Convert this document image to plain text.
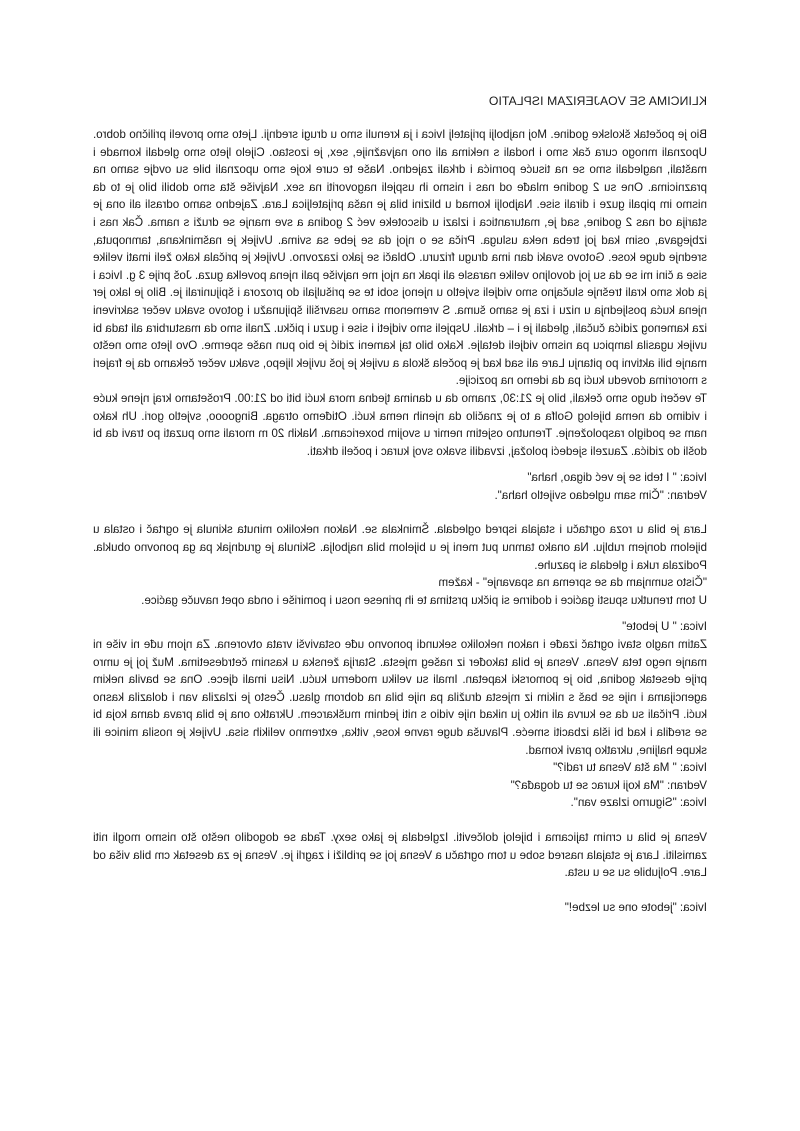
KLINCIMA SE VOAJERIZAM ISPLATIO

Bio je početak školske godine. Moj najbolji prijatelj Ivica i ja krenuli smo u drugi srednji. Ljeto smo proveli prilično dobro. Upoznali mnogo cura čak smo i hodali s nekima ali ono najvažnije, sex, je izostao. Cijelo ljeto smo gledali komade i maštali, nagledali smo se na tisuće pornića i drkali zajedno. Naše te cure koje smo upoznali bile su ovdje samo na praznicima. One su 2 godine mlađe od nas i nismo ih uspjeli nagovoriti na sex. Najviše šta smo dobili bilo je to da nismo im pipali guze i dirali sise. Najbolji komad u blizini bila je naša prijateljica Lara. Zajedno samo odrasli ali ona je starija od nas 2 godine, sad je, maturantica i izlazi u discoteke već 2 godina a sve manje se druži s nama. Čak nas i izbjegava, osim kad joj treba neka usluga. Priča se o njoj da se jebe sa svima. Uvijek je našminkana, tamnoputa, srednje duge kose. Gotovo svaki dan ima drugu frizuru. Oblači se jako izazovno. Uvijek je pričala kako želi imati velike sise a čini mi se da su joj dovoljno velike narasle ali ipak na njoj me najviše pali njena povelka guza. Još prije 3 g. Ivica i ja dok smo krali trešnje slučajno smo vidjeli svjetlo u njenoj sobi te se prišuljali do prozora i špijunirali je. Bilo je lako jer njena kuća posljednja u nizu i iza je samo šuma. S vremenom samo usavršili špijunažu i gotovo svaku večer sakriveni iza kamenog zidića čučali, gledali je i – drkali. Uspjeli smo vidjeti i sise i guzu i pičku. Znali smo da masturbira ali tada bi uvijek ugasila lampicu pa nismo vidjeli detalje. Kako bilo taj kameni zidić je bio pun naše sperme. Ovo ljeto smo nešto manje bili aktivni po pitanju Lare ali sad kad je počela škola a uvijek je još uvijek lijepo, svaku večer čekamo da je frajeri s mororima dovedu kući pa da idemo na pozicije.

Te večeri dugo smo čekali, bilo je 21:30, znamo da u danima tjedna mora kući biti od 21:00. Prošetamo kraj njene kuće i vidimo da nema bijelog Golfa a to je značilo da njenih nema kući. Otiđemo otraga. Bingoooo, svjetlo gori. Uh kako nam se podiglo raspoloženje. Trenutno osjetim nemir u svojim boxericama. Nakih 20 m morali smo puzati po travi da bi došli do zidića. Zauzeli sjedeći položaj, izvadili svako svoj kurac i počeli drkati.

Ivica: " I tebi se je već digao, haha"
Vedran: "Čim sam ugledao svijetlo haha".

Lara je bila u roza ogrtaču i stajala ispred ogledala. Šminkala se. Nakon nekoliko minuta skinula je ogrtač i ostala u bijelom donjem rublju. Na onako tamnu put meni je u bijelom bila najbolja. Skinula je grudnjak pa ga ponovno obukla. Podizala ruka i gledala si pazuhe.

"Čisto sumnjam da se sprema na spavanje" - kažem

U tom trenutku spusti gaćice i dodirne si pičku prstima te ih prinese nosu i pomiriše i onda opet navuče gaćice.

Ivica: " U jebote"

Zatim naglo stavi ogrtač izađe i nakon nekoliko sekundi ponovno uđe ostavivši vrata otvorena. Za njom uđe ni više ni manje nego teta Vesna. Vesna je bila također iz našeg mjesta. Starija ženska u kasnim četrdesetima. Muž joj je umro prije desetak godina, bio je pomorski kapetan. Imali su veliku modernu kuću. Nisu imali djece. Ona se bavila nekim agencijama i nije se baš s nikim iz mjesta družila pa nije bila na dobrom glasu. Često je izlazila van i dolazila kasno kući. Pričali su da se kurva ali nitko ju nikad nije vidio s niti jednim muškarcem. Ukratko ona je bila prava dama koja bi se sređila i kad bi išla izbaciti smeće. Plavuša duge ravne kose, vitka, extremno velikih sisa. Uvijek je nosila minice ili skupe haljine, ukratko pravi komad.

Ivica: " Ma šta Vesna tu radi?"
Vedran: "Ma koji kurac se tu događa?"
Ivica: "Sigurno izlaze van".

Vesna je bila u crnim tajicama i bijeloj dolčeviti. Izgledala je jako sexy. Tada se dogodilo nešto što nismo mogli niti zamisliti. Lara je stajala nasred sobe u tom ogrtaču a Vesna joj se približi i zagrli je. Vesna je za desetak cm bila viša od Lare. Poljubile su se u usta.

Ivica: "jebote one su lezbe!"
